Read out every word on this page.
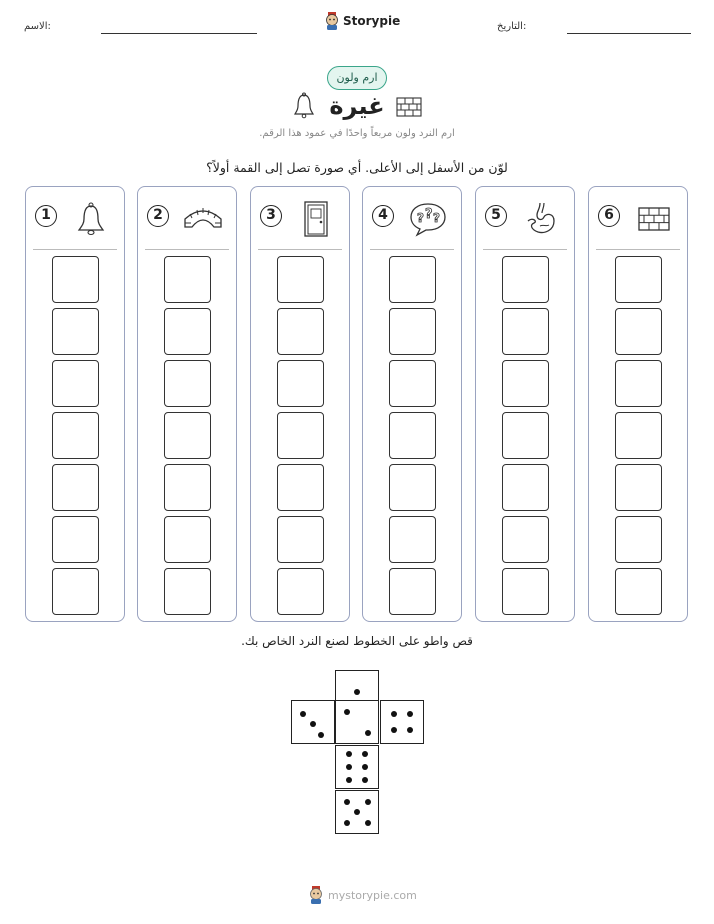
الاسم:	Storypie	التاريخ:
ارم ولون
غيرة
ارم النرد ولون مربعاً واحدًا في عمود هذا الرقم.
لوّن من الأسفل إلى الأعلى. أي صورة تصل إلى القمة أولاً؟
1	2	3	4	? ? ?	5	6
قص واطو على الخطوط لصنع النرد الخاص بك.
mystorypie.com
